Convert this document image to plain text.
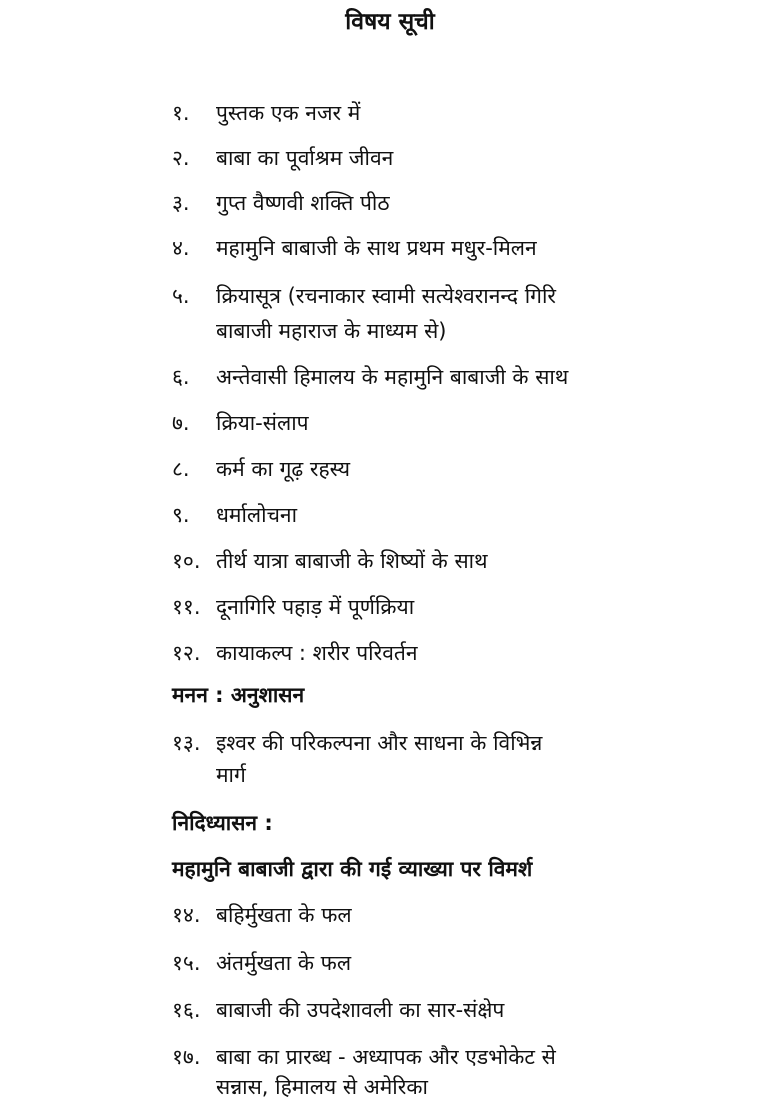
विषय सूची
१. पुस्तक एक नजर में
२. बाबा का पूर्वाश्रम जीवन
३. गुप्त वैष्णवी शक्ति पीठ
४. महामुनि बाबाजी के साथ प्रथम मधुर-मिलन
५. क्रियासूत्र (रचनाकार स्वामी सत्येश्वरानन्द गिरि
बाबाजी महाराज के माध्यम से)
६. अन्तेवासी हिमालय के महामुनि बाबाजी के साथ
७. क्रिया-संलाप
८. कर्म का गूढ़ रहस्य
९. धर्मालोचना
१०. तीर्थ यात्रा बाबाजी के शिष्यों के साथ
११. दूनागिरि पहाड़ में पूर्णक्रिया
१२. कायाकल्प : शरीर परिवर्तन
मनन : अनुशासन
१३. इश्वर की परिकल्पना और साधना के विभिन्न
मार्ग
निदिध्यासन :
महामुनि बाबाजी द्वारा की गई व्याख्या पर विमर्श
१४. बहिर्मुखता के फल
१५. अंतर्मुखता के फल
१६. बाबाजी की उपदेशावली का सार-संक्षेप
१७. बाबा का प्रारब्ध - अध्यापक और एडभोकेट से
सन्नास, हिमालय से अमेरिका
